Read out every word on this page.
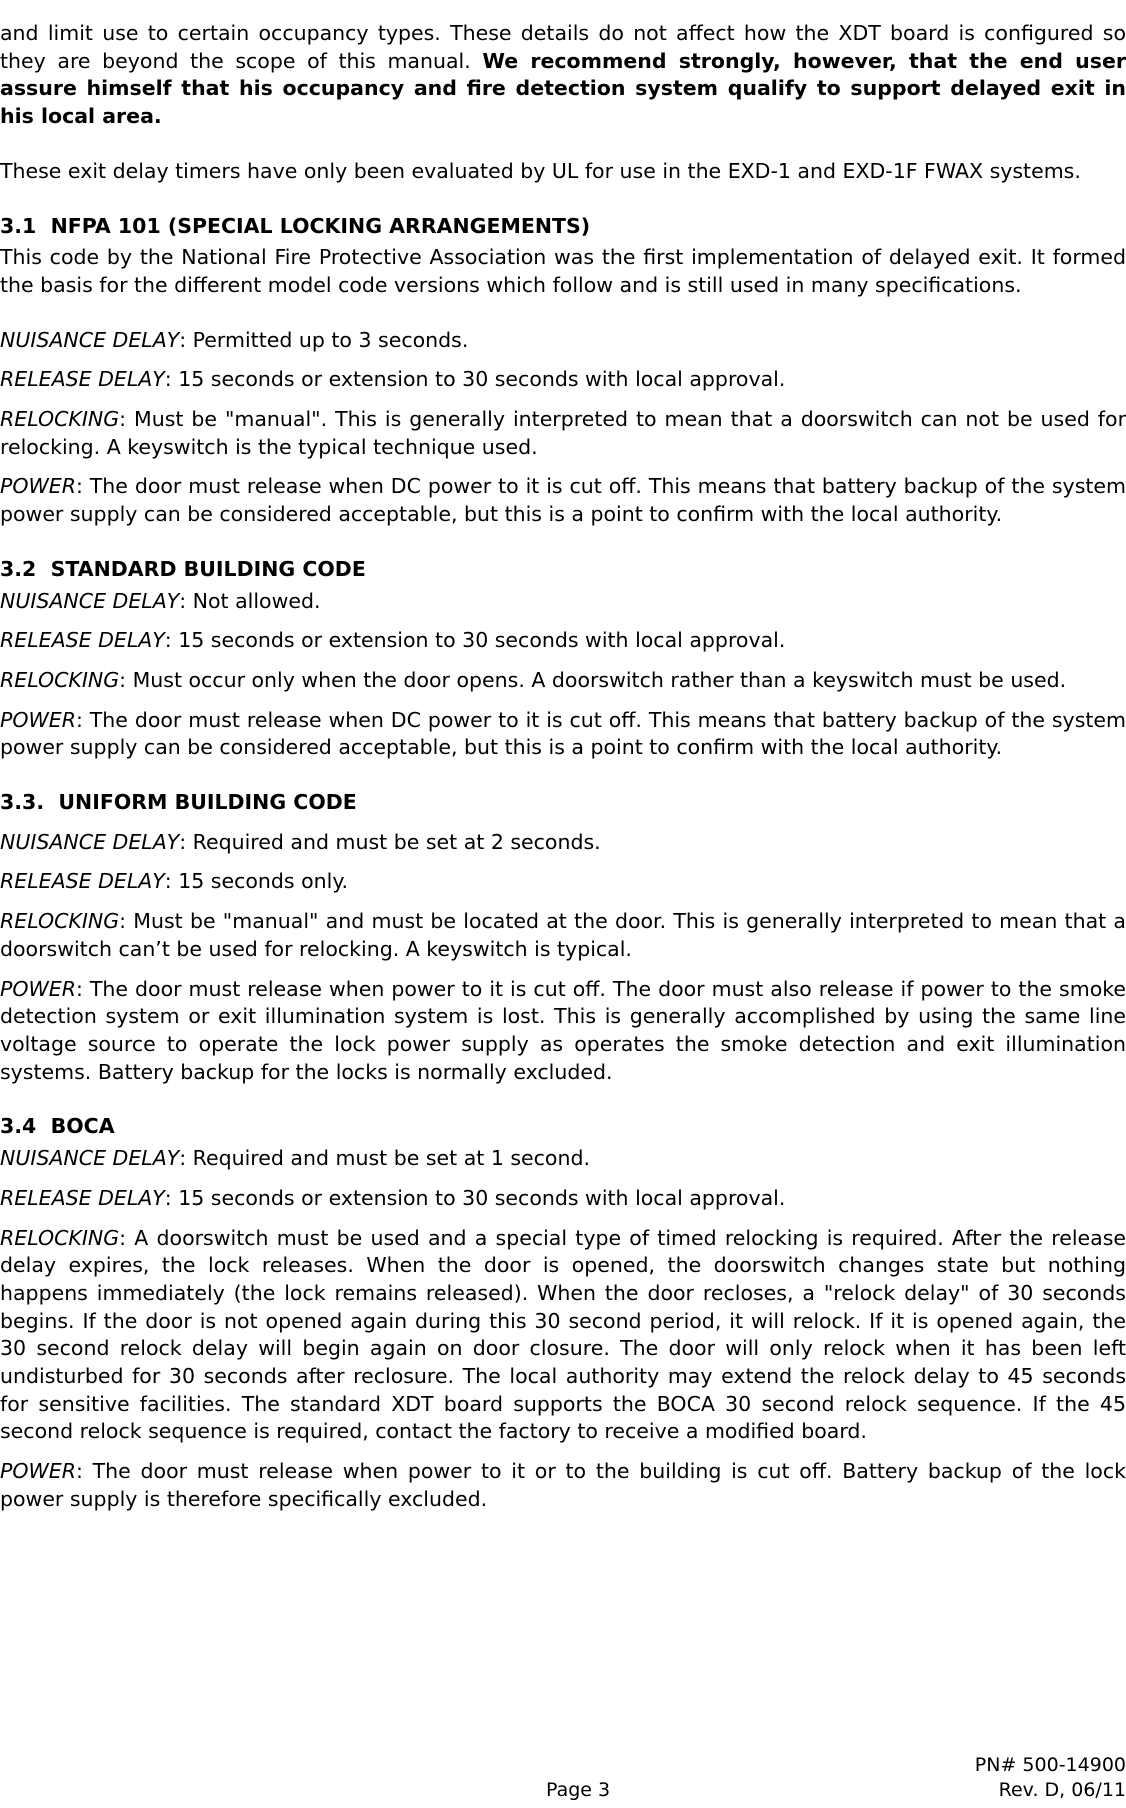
and limit use to certain occupancy types. These details do not affect how the XDT board is configured so they are beyond the scope of this manual. We recommend strongly, however, that the end user assure himself that his occupancy and fire detection system qualify to support delayed exit in his local area.

These exit delay timers have only been evaluated by UL for use in the EXD-1 and EXD-1F FWAX systems.

3.1 NFPA 101 (SPECIAL LOCKING ARRANGEMENTS)

This code by the National Fire Protective Association was the first implementation of delayed exit. It formed the basis for the different model code versions which follow and is still used in many specifications.

NUISANCE DELAY: Permitted up to 3 seconds.

RELEASE DELAY: 15 seconds or extension to 30 seconds with local approval.

RELOCKING: Must be "manual". This is generally interpreted to mean that a doorswitch can not be used for relocking. A keyswitch is the typical technique used.

POWER: The door must release when DC power to it is cut off. This means that battery backup of the system power supply can be considered acceptable, but this is a point to confirm with the local authority.

3.2 STANDARD BUILDING CODE

NUISANCE DELAY: Not allowed.

RELEASE DELAY: 15 seconds or extension to 30 seconds with local approval.

RELOCKING: Must occur only when the door opens. A doorswitch rather than a keyswitch must be used.

POWER: The door must release when DC power to it is cut off. This means that battery backup of the system power supply can be considered acceptable, but this is a point to confirm with the local authority.

3.3. UNIFORM BUILDING CODE

NUISANCE DELAY: Required and must be set at 2 seconds.

RELEASE DELAY: 15 seconds only.

RELOCKING: Must be "manual" and must be located at the door. This is generally interpreted to mean that a doorswitch can’t be used for relocking. A keyswitch is typical.

POWER: The door must release when power to it is cut off. The door must also release if power to the smoke detection system or exit illumination system is lost. This is generally accomplished by using the same line voltage source to operate the lock power supply as operates the smoke detection and exit illumination systems. Battery backup for the locks is normally excluded.

3.4 BOCA

NUISANCE DELAY: Required and must be set at 1 second.

RELEASE DELAY: 15 seconds or extension to 30 seconds with local approval.

RELOCKING: A doorswitch must be used and a special type of timed relocking is required. After the release delay expires, the lock releases. When the door is opened, the doorswitch changes state but nothing happens immediately (the lock remains released). When the door recloses, a "relock delay" of 30 seconds begins. If the door is not opened again during this 30 second period, it will relock. If it is opened again, the 30 second relock delay will begin again on door closure. The door will only relock when it has been left undisturbed for 30 seconds after reclosure. The local authority may extend the relock delay to 45 seconds for sensitive facilities. The standard XDT board supports the BOCA 30 second relock sequence. If the 45 second relock sequence is required, contact the factory to receive a modified board.

POWER: The door must release when power to it or to the building is cut off. Battery backup of the lock power supply is therefore specifically excluded.

PN# 500-14900
Rev. D, 06/11
Page 3
